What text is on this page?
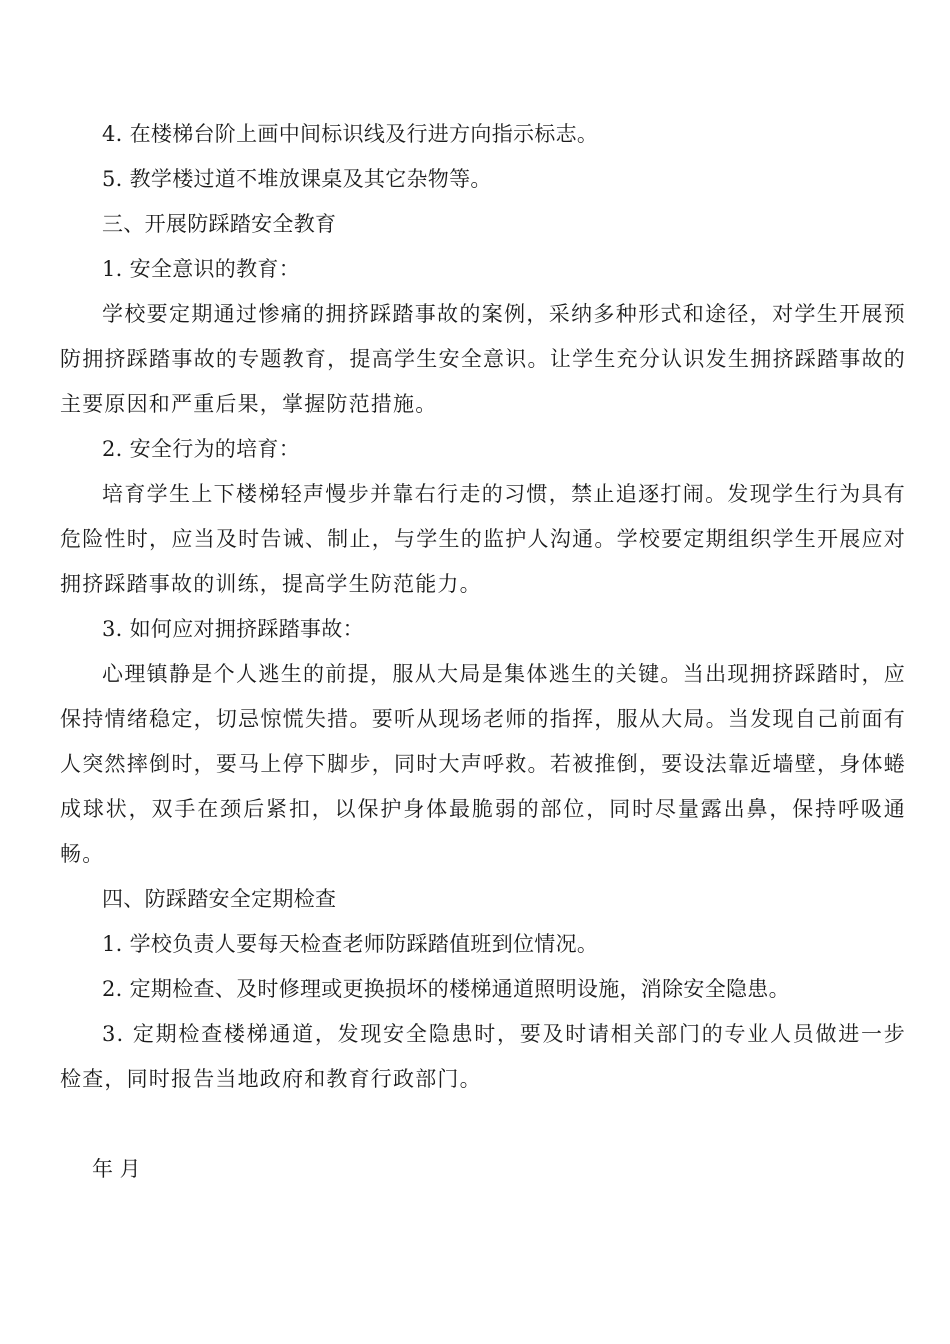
4. 在楼梯台阶上画中间标识线及行进方向指示标志。

5. 教学楼过道不堆放课桌及其它杂物等。

三、开展防踩踏安全教育

1. 安全意识的教育：

学校要定期通过惨痛的拥挤踩踏事故的案例，采纳多种形式和途径，对学生开展预防拥挤踩踏事故的专题教育，提高学生安全意识。让学生充分认识发生拥挤踩踏事故的主要原因和严重后果，掌握防范措施。

2. 安全行为的培育：

培育学生上下楼梯轻声慢步并靠右行走的习惯，禁止追逐打闹。发现学生行为具有危险性时，应当及时告诫、制止，与学生的监护人沟通。学校要定期组织学生开展应对拥挤踩踏事故的训练，提高学生防范能力。

3. 如何应对拥挤踩踏事故：

心理镇静是个人逃生的前提，服从大局是集体逃生的关键。当出现拥挤踩踏时，应保持情绪稳定，切忌惊慌失措。要听从现场老师的指挥，服从大局。当发现自己前面有人突然摔倒时，要马上停下脚步，同时大声呼救。若被推倒，要设法靠近墙壁，身体蜷成球状，双手在颈后紧扣，以保护身体最脆弱的部位，同时尽量露出鼻，保持呼吸通畅。

四、防踩踏安全定期检查

1. 学校负责人要每天检查老师防踩踏值班到位情况。

2. 定期检查、及时修理或更换损坏的楼梯通道照明设施，消除安全隐患。

3. 定期检查楼梯通道，发现安全隐患时，要及时请相关部门的专业人员做进一步检查，同时报告当地政府和教育行政部门。

年 月
